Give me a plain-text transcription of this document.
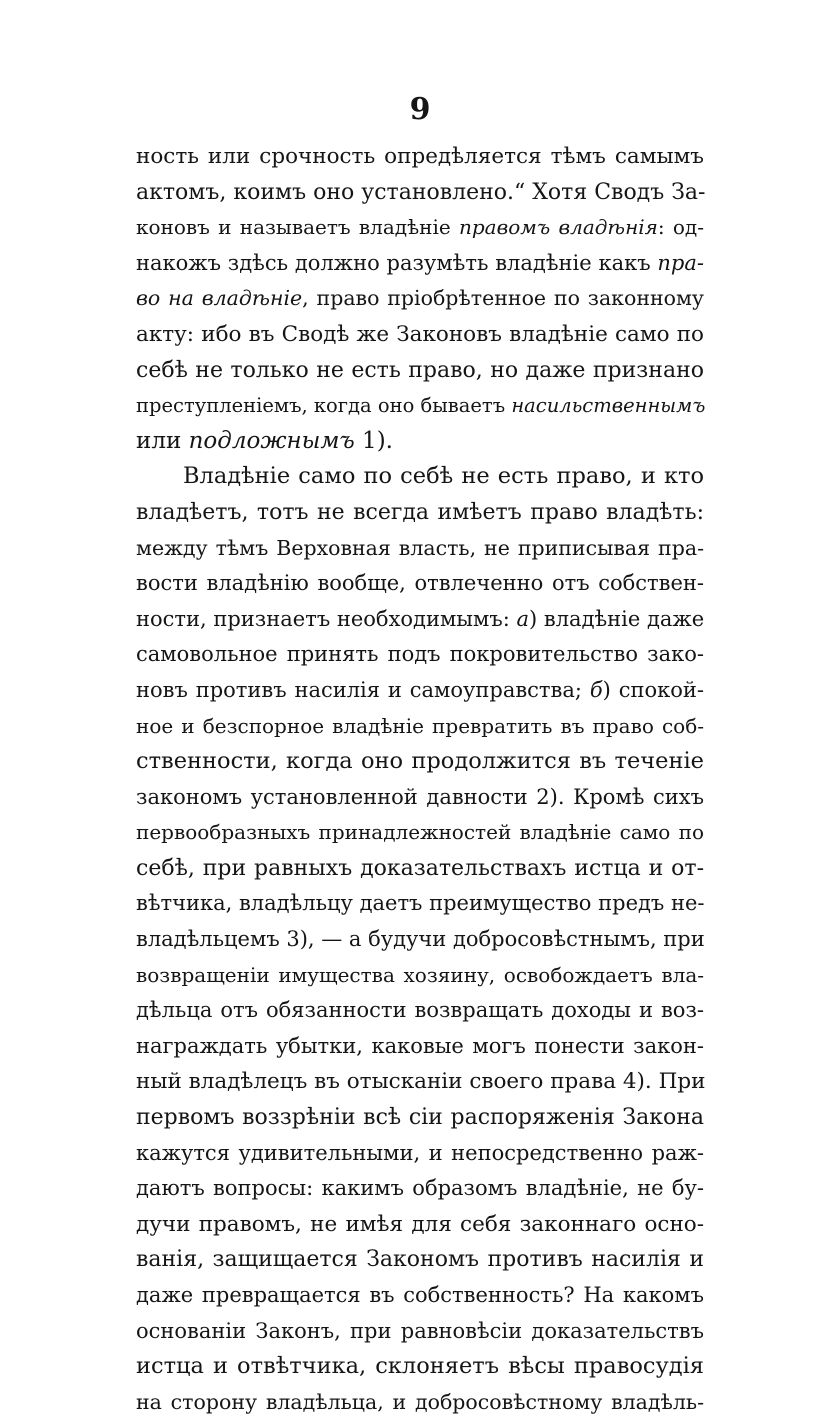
9
ность или срочность опредѣляется тѣмъ самымъ
актомъ, коимъ оно установлено.“ Хотя Сводъ За-
коновъ и называетъ владѣніе правомъ владѣнія: од-
накожъ здѣсь должно разумѣть владѣніе какъ пра-
во на владѣніе, право пріобрѣтенное по законному
акту: ибо въ Сводѣ же Законовъ владѣніе само по
себѣ не только не есть право, но даже признано
преступленіемъ, когда оно бываетъ насильственнымъ
или подложнымъ 1).
Владѣніе само по себѣ не есть право, и кто
владѣетъ, тотъ не всегда имѣетъ право владѣть:
между тѣмъ Верховная власть, не приписывая пра-
вости владѣнію вообще, отвлеченно отъ собствен-
ности, признаетъ необходимымъ: а) владѣніе даже
самовольное принять подъ покровительство зако-
новъ противъ насилія и самоуправства; б) спокой-
ное и безспорное владѣніе превратить въ право соб-
ственности, когда оно продолжится въ теченіе
закономъ установленной давности 2). Кромѣ сихъ
первообразныхъ принадлежностей владѣніе само по
себѣ, при равныхъ доказательствахъ истца и от-
вѣтчика, владѣльцу даетъ преимущество предъ не-
владѣльцемъ 3), — а будучи добросовѣстнымъ, при
возвращеніи имущества хозяину, освобождаетъ вла-
дѣльца отъ обязанности возвращать доходы и воз-
награждать убытки, каковые могъ понести закон-
ный владѣлецъ въ отысканіи своего права 4). При
первомъ воззрѣніи всѣ сіи распоряженія Закона
кажутся удивительными, и непосредственно раж-
даютъ вопросы: какимъ образомъ владѣніе, не бу-
дучи правомъ, не имѣя для себя законнаго осно-
ванія, защищается Закономъ противъ насилія и
даже превращается въ собственность? На какомъ
основаніи Законъ, при равновѣсіи доказательствъ
истца и отвѣтчика, склоняетъ вѣсы правосудія
на сторону владѣльца, и добросовѣстному владѣль-
